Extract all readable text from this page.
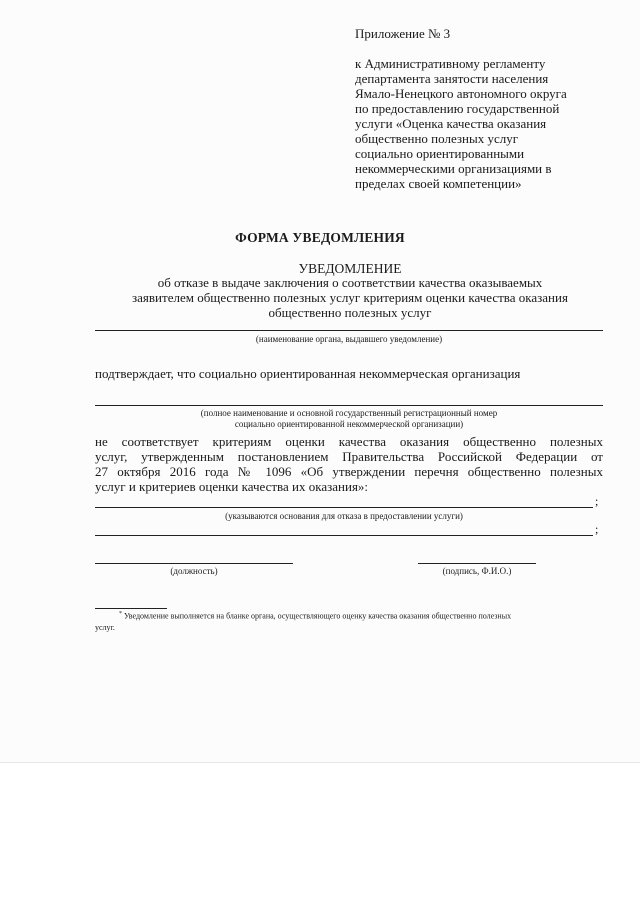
Приложение № 3
к Административному регламенту
департамента занятости населения
Ямало-Ненецкого автономного округа
по предоставлению государственной
услуги «Оценка качества оказания
общественно полезных услуг
социально ориентированными
некоммерческими организациями в
пределах своей компетенции»
ФОРМА УВЕДОМЛЕНИЯ
УВЕДОМЛЕНИЕ
об отказе в выдаче заключения о соответствии качества оказываемых
заявителем общественно полезных услуг критериям оценки качества оказания
общественно полезных услуг
(наименование органа, выдавшего уведомление)
подтверждает, что социально ориентированная некоммерческая организация
(полное наименование и основной государственный регистрационный номер
социально ориентированной некоммерческой организации)
не соответствует критериям оценки качества оказания общественно полезных
услуг, утвержденным постановлением Правительства Российской Федерации от
27 октября 2016 года № 1096 «Об утверждении перечня общественно полезных
услуг и критериев оценки качества их оказания»:
;
(указываются основания для отказа в предоставлении услуги)
;
(должность)	(подпись, Ф.И.О.)
* Уведомление выполняется на бланке органа, осуществляющего оценку качества оказания общественно полезных
услуг.
